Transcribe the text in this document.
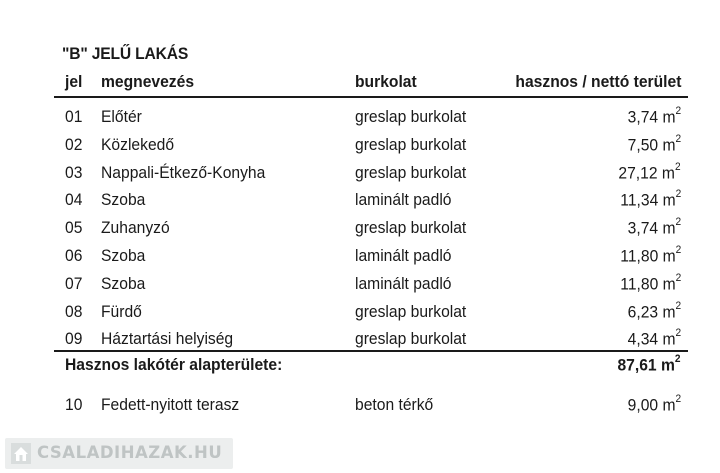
"B" JELŰ LAKÁS
jel megnevezés	burkolat	hasznos / nettó terület
01 Előtér	greslap burkolat	3,74 $m^2$
02 Közlekedő	greslap burkolat	7,50 $m^2$
03 Nappali-Étkező-Konyha	greslap burkolat	27,12 $m^2$
04 Szoba	laminált padló	11,34 $m^2$
05 Zuhanyzó	greslap burkolat	3,74 $m^2$
06 Szoba	laminált padló	11,80 $m^2$
07 Szoba	laminált padló	11,80 $m^2$
08 Fürdő	greslap burkolat	6,23 $m^2$
09 Háztartási helyiség	greslap burkolat	4,34 $m^2$
Hasznos lakótér alapterülete:	87,61 $m^2$
10 Fedett-nyitott terasz	beton térkő	9,00 $m^2$
CSALADIHAZAK.HU
